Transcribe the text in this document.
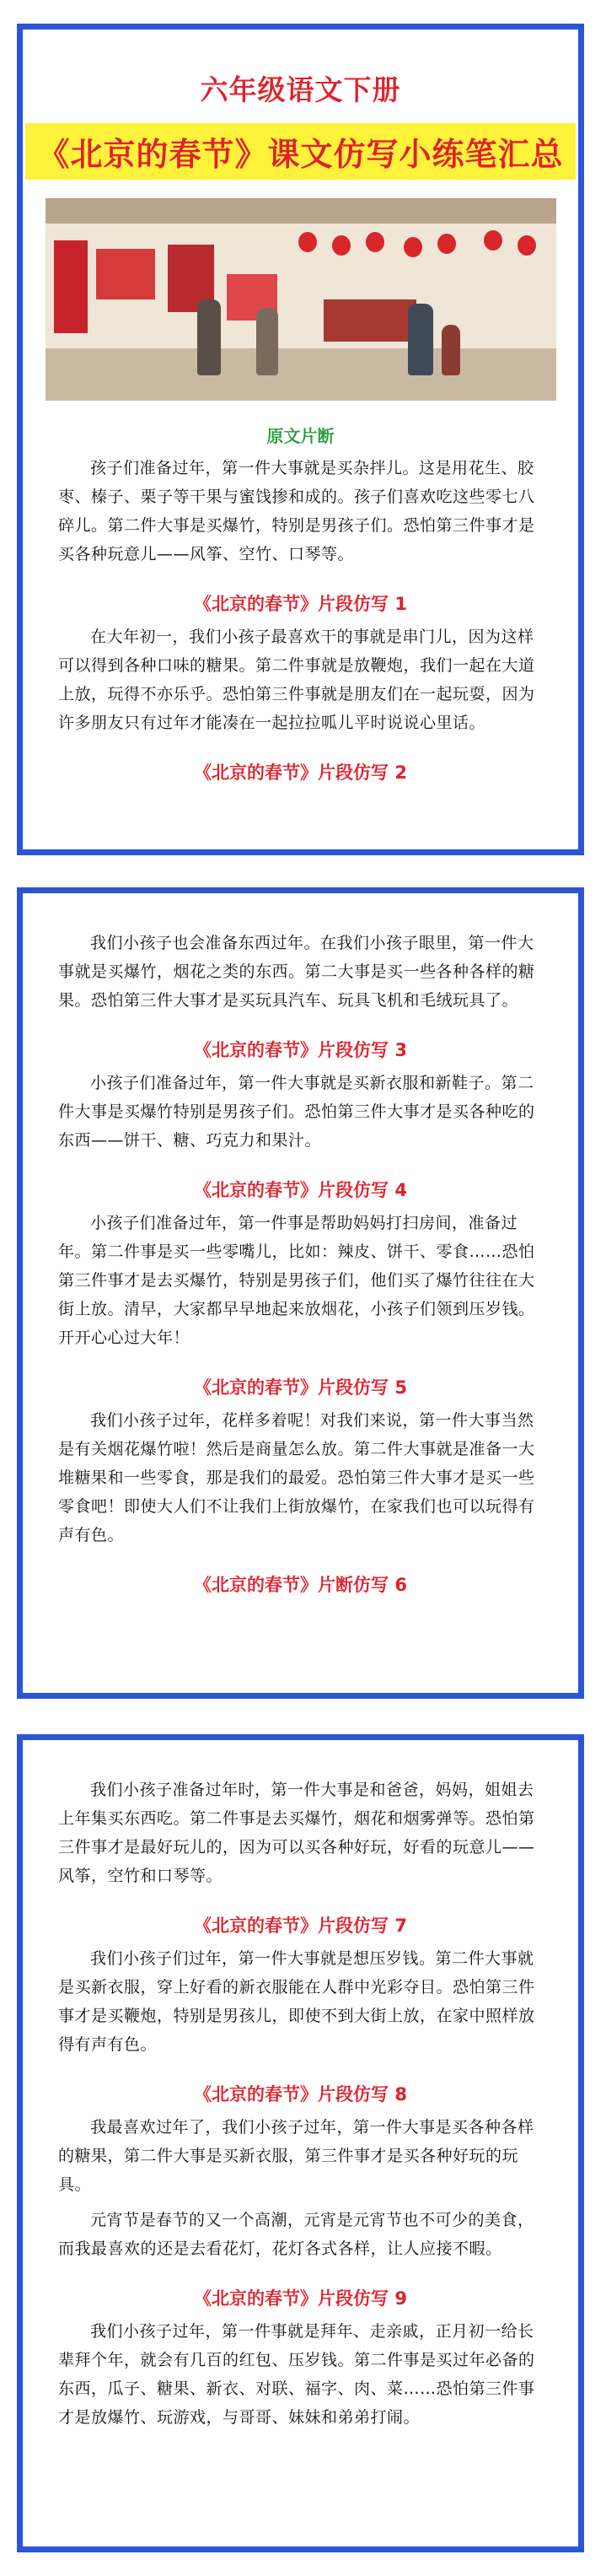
六年级语文下册
《北京的春节》课文仿写小练笔汇总
原文片断
孩子们准备过年，第一件大事就是买杂拌儿。这是用花生、胶枣、榛子、栗子等干果与蜜饯掺和成的。孩子们喜欢吃这些零七八碎儿。第二件大事是买爆竹，特别是男孩子们。恐怕第三件事才是买各种玩意儿——风筝、空竹、口琴等。
《北京的春节》片段仿写 1
在大年初一，我们小孩子最喜欢干的事就是串门儿，因为这样可以得到各种口味的糖果。第二件事就是放鞭炮，我们一起在大道上放，玩得不亦乐乎。恐怕第三件事就是朋友们在一起玩耍，因为许多朋友只有过年才能凑在一起拉拉呱儿平时说说心里话。
《北京的春节》片段仿写 2
我们小孩子也会准备东西过年。在我们小孩子眼里，第一件大事就是买爆竹，烟花之类的东西。第二大事是买一些各种各样的糖果。恐怕第三件大事才是买玩具汽车、玩具飞机和毛绒玩具了。
《北京的春节》片段仿写 3
小孩子们准备过年，第一件大事就是买新衣服和新鞋子。第二件大事是买爆竹特别是男孩子们。恐怕第三件大事才是买各种吃的东西——饼干、糖、巧克力和果汁。
《北京的春节》片段仿写 4
小孩子们准备过年，第一件事是帮助妈妈打扫房间，准备过年。第二件事是买一些零嘴儿，比如：辣皮、饼干、零食……恐怕第三件事才是去买爆竹，特别是男孩子们，他们买了爆竹往往在大街上放。清早，大家都早早地起来放烟花，小孩子们领到压岁钱。开开心心过大年！
《北京的春节》片段仿写 5
我们小孩子过年，花样多着呢！对我们来说，第一件大事当然是有关烟花爆竹啦！然后是商量怎么放。第二件大事就是准备一大堆糖果和一些零食，那是我们的最爱。恐怕第三件大事才是买一些零食吧！即使大人们不让我们上街放爆竹，在家我们也可以玩得有声有色。
《北京的春节》片断仿写 6
我们小孩子准备过年时，第一件大事是和爸爸，妈妈，姐姐去上年集买东西吃。第二件事是去买爆竹，烟花和烟雾弹等。恐怕第三件事才是最好玩儿的，因为可以买各种好玩，好看的玩意儿——风筝，空竹和口琴等。
《北京的春节》片段仿写 7
我们小孩子们过年，第一件大事就是想压岁钱。第二件大事就是买新衣服，穿上好看的新衣服能在人群中光彩夺目。恐怕第三件事才是买鞭炮，特别是男孩儿，即使不到大街上放，在家中照样放得有声有色。
《北京的春节》片段仿写 8
我最喜欢过年了，我们小孩子过年，第一件大事是买各种各样的糖果，第二件大事是买新衣服，第三件事才是买各种好玩的玩具。
元宵节是春节的又一个高潮，元宵是元宵节也不可少的美食，而我最喜欢的还是去看花灯，花灯各式各样，让人应接不暇。
《北京的春节》片段仿写 9
我们小孩子过年，第一件事就是拜年、走亲戚，正月初一给长辈拜个年，就会有几百的红包、压岁钱。第二件事是买过年必备的东西，瓜子、糖果、新衣、对联、福字、肉、菜……恐怕第三件事才是放爆竹、玩游戏，与哥哥、妹妹和弟弟打闹。
